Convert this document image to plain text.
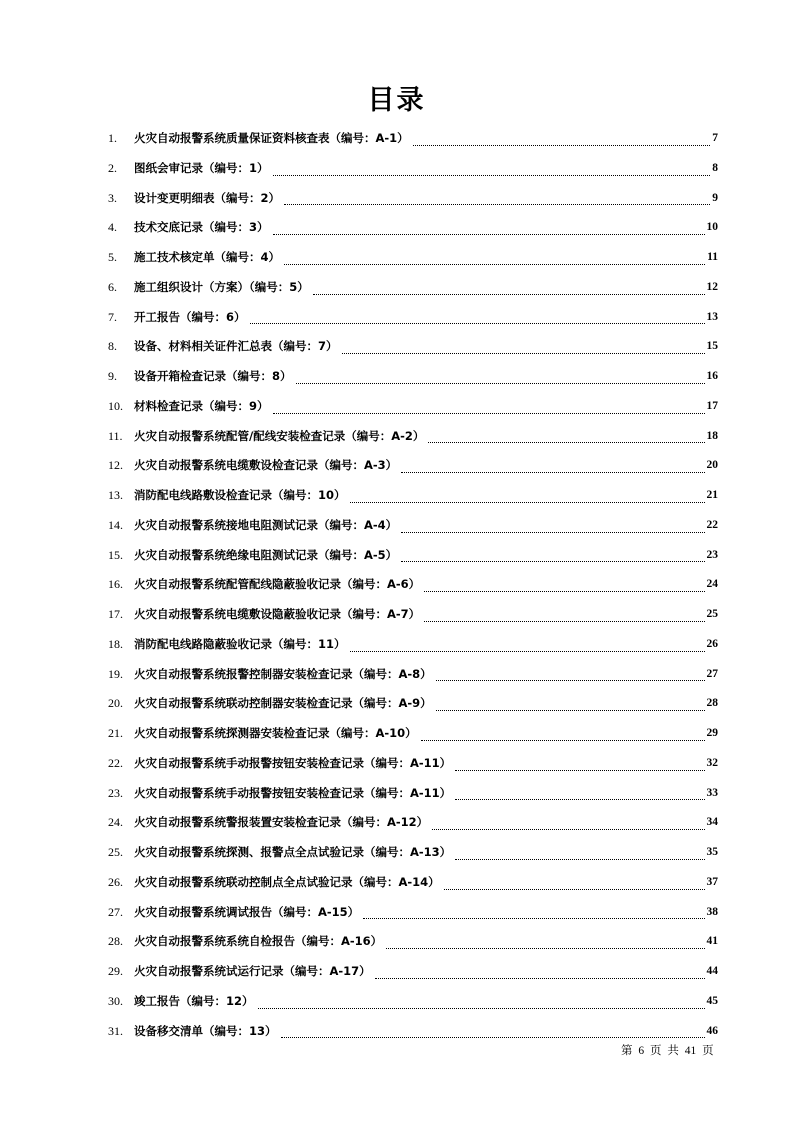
目录
1.	火灾自动报警系统质量保证资料核查表（编号：A-1）	7
2.	图纸会审记录（编号：1）	8
3.	设计变更明细表（编号：2）	9
4.	技术交底记录（编号：3）	10
5.	施工技术核定单（编号：4）	11
6.	施工组织设计（方案）（编号：5）	12
7.	开工报告（编号：6）	13
8.	设备、材料相关证件汇总表（编号：7）	15
9.	设备开箱检查记录（编号：8）	16
10. 材料检查记录（编号：9）	17
11. 火灾自动报警系统配管/配线安装检查记录（编号：A-2）	18
12. 火灾自动报警系统电缆敷设检查记录（编号：A-3）	20
13. 消防配电线路敷设检查记录（编号：10）	21
14. 火灾自动报警系统接地电阻测试记录（编号：A-4）	22
15. 火灾自动报警系统绝缘电阻测试记录（编号：A-5）	23
16. 火灾自动报警系统配管配线隐蔽验收记录（编号：A-6）	24
17. 火灾自动报警系统电缆敷设隐蔽验收记录（编号：A-7）	25
18. 消防配电线路隐蔽验收记录（编号：11）	26
19. 火灾自动报警系统报警控制器安装检查记录（编号：A-8）	27
20. 火灾自动报警系统联动控制器安装检查记录（编号：A-9）	28
21. 火灾自动报警系统探测器安装检查记录（编号：A-10）	29
22. 火灾自动报警系统手动报警按钮安装检查记录（编号：A-11）	32
23. 火灾自动报警系统手动报警按钮安装检查记录（编号：A-11）	33
24. 火灾自动报警系统警报装置安装检查记录（编号：A-12）	34
25. 火灾自动报警系统探测、报警点全点试验记录（编号：A-13）	35
26. 火灾自动报警系统联动控制点全点试验记录（编号：A-14）	37
27. 火灾自动报警系统调试报告（编号：A-15）	38
28. 火灾自动报警系统系统自检报告（编号：A-16）	41
29. 火灾自动报警系统试运行记录（编号：A-17）	44
30. 竣工报告（编号：12）	45
31. 设备移交清单（编号：13）	46
第 6 页 共 41 页
